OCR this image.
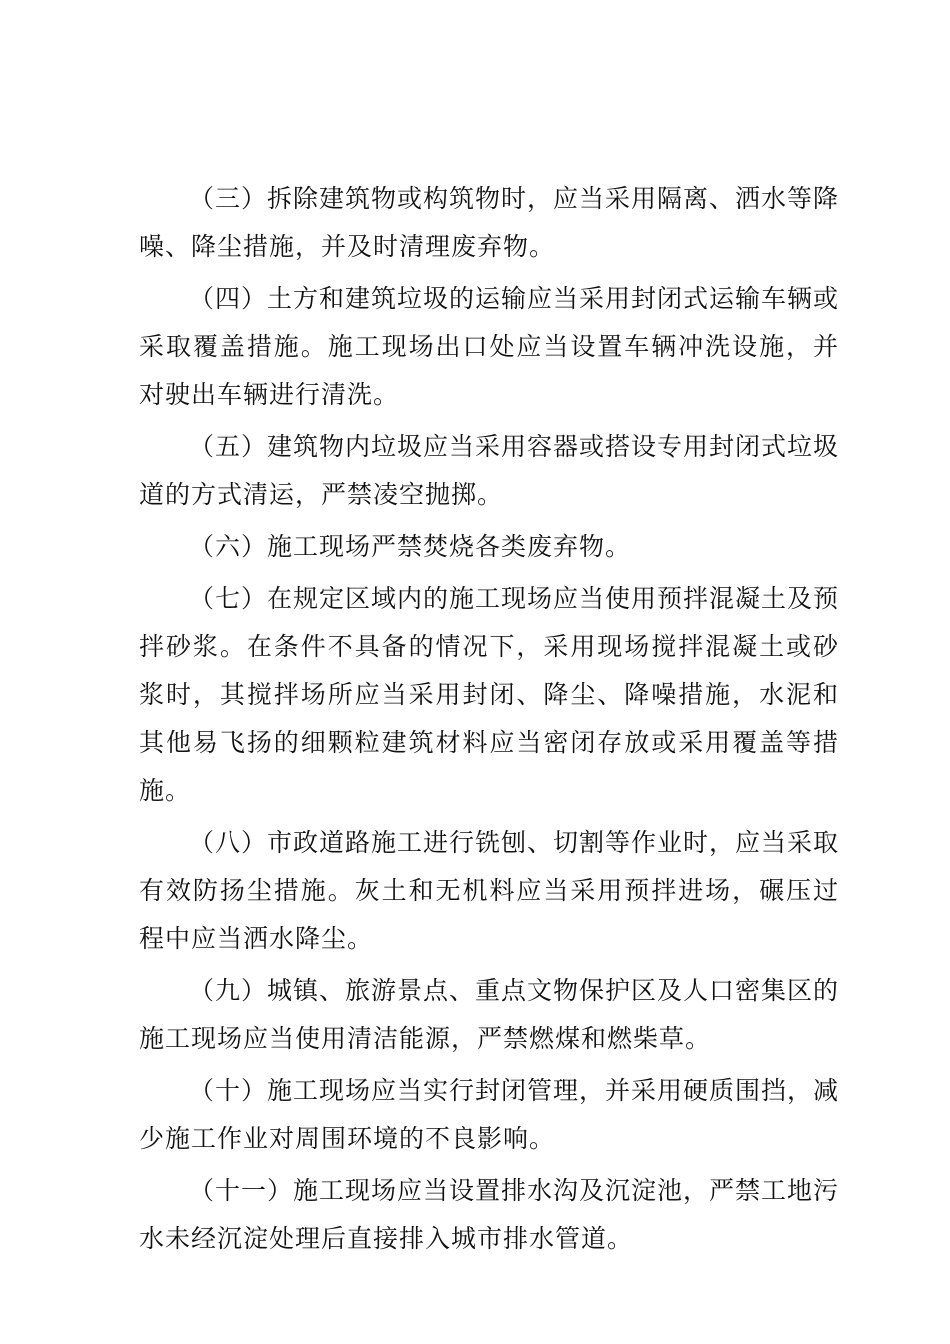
（三）拆除建筑物或构筑物时，应当采用隔离、洒水等降噪、降尘措施，并及时清理废弃物。

（四）土方和建筑垃圾的运输应当采用封闭式运输车辆或采取覆盖措施。施工现场出口处应当设置车辆冲洗设施，并对驶出车辆进行清洗。

（五）建筑物内垃圾应当采用容器或搭设专用封闭式垃圾道的方式清运，严禁凌空抛掷。

（六）施工现场严禁焚烧各类废弃物。

（七）在规定区域内的施工现场应当使用预拌混凝土及预拌砂浆。在条件不具备的情况下，采用现场搅拌混凝土或砂浆时，其搅拌场所应当采用封闭、降尘、降噪措施，水泥和其他易飞扬的细颗粒建筑材料应当密闭存放或采用覆盖等措施。

（八）市政道路施工进行铣刨、切割等作业时，应当采取有效防扬尘措施。灰土和无机料应当采用预拌进场，碾压过程中应当洒水降尘。

（九）城镇、旅游景点、重点文物保护区及人口密集区的施工现场应当使用清洁能源，严禁燃煤和燃柴草。

（十）施工现场应当实行封闭管理，并采用硬质围挡，减少施工作业对周围环境的不良影响。

（十一）施工现场应当设置排水沟及沉淀池，严禁工地污水未经沉淀处理后直接排入城市排水管道。
